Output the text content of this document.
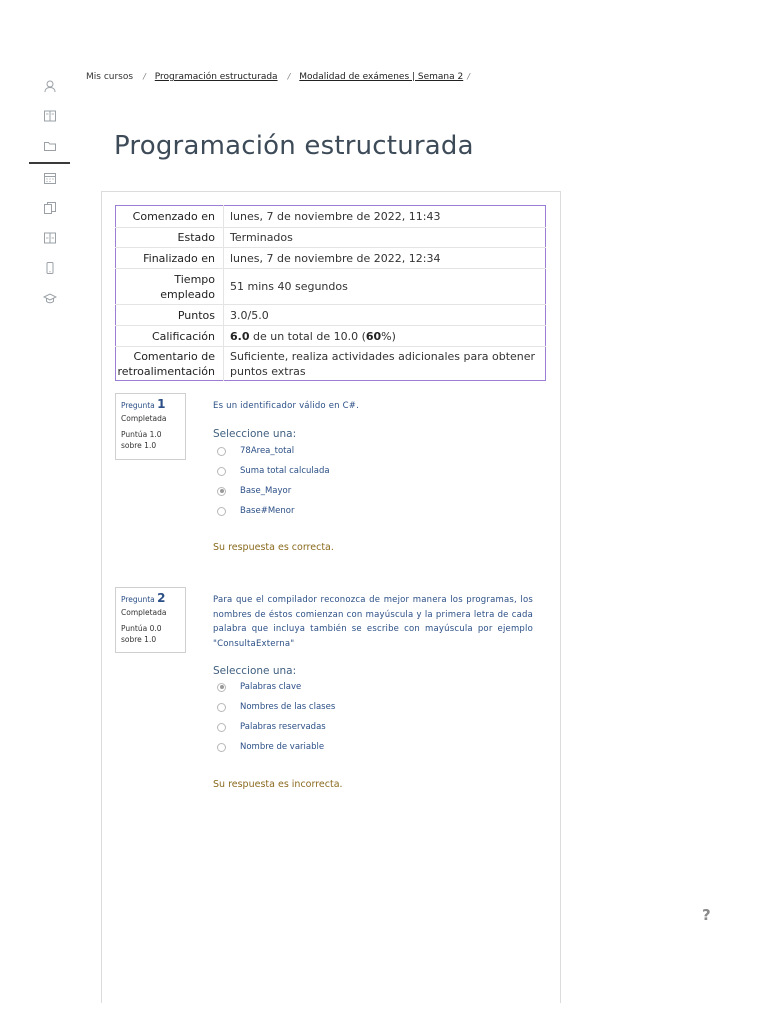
Mis cursos / Programación estructurada / Modalidad de exámenes | Semana 2 /
Programación estructurada
Comenzado en	lunes, 7 de noviembre de 2022, 11:43
Estado	Terminados
Finalizado en	lunes, 7 de noviembre de 2022, 12:34
Tiempo empleado	51 mins 40 segundos
Puntos	3.0/5.0
Calificación	6.0 de un total de 10.0 (60%)
Comentario de retroalimentación	Suficiente, realiza actividades adicionales para obtener puntos extras
Pregunta 1
Completada
Puntúa 1.0 sobre 1.0
Es un identificador válido en C#.
Seleccione una:
78Area_total
Suma total calculada
Base_Mayor
Base#Menor
Su respuesta es correcta.
Pregunta 2
Completada
Puntúa 0.0 sobre 1.0
Para que el compilador reconozca de mejor manera los programas, los nombres de éstos comienzan con mayúscula y la primera letra de cada palabra que incluya también se escribe con mayúscula por ejemplo "ConsultaExterna"
Seleccione una:
Palabras clave
Nombres de las clases
Palabras reservadas
Nombre de variable
Su respuesta es incorrecta.
?
